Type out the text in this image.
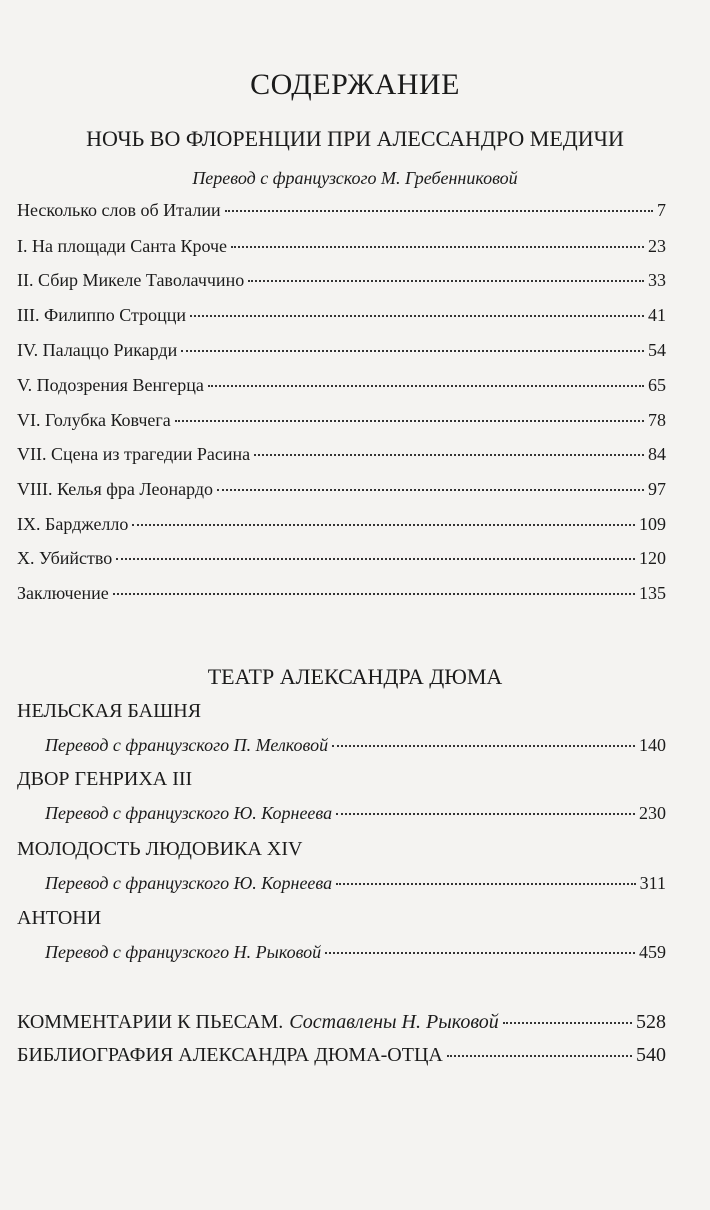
СОДЕРЖАНИЕ
НОЧЬ ВО ФЛОРЕНЦИИ ПРИ АЛЕССАНДРО МЕДИЧИ
Перевод с французского М. Гребенниковой
Несколько слов об Италии	7
I. На площади Санта Кроче	23
II. Сбир Микеле Таволаччино	33
III. Филиппо Строцци	41
IV. Палаццо Рикарди	54
V. Подозрения Венгерца	65
VI. Голубка Ковчега	78
VII. Сцена из трагедии Расина	84
VIII. Келья фра Леонардо	97
IX. Барджелло	109
X. Убийство	120
Заключение	135
ТЕАТР АЛЕКСАНДРА ДЮМА
НЕЛЬСКАЯ БАШНЯ
Перевод с французского П. Мелковой	140
ДВОР ГЕНРИХА III
Перевод с французского Ю. Корнеева	230
МОЛОДОСТЬ ЛЮДОВИКА XIV
Перевод с французского Ю. Корнеева	311
АНТОНИ
Перевод с французского Н. Рыковой	459
КОММЕНТАРИИ К ПЬЕСАМ. Составлены Н. Рыковой	528
БИБЛИОГРАФИЯ АЛЕКСАНДРА ДЮМА-ОТЦА	540
